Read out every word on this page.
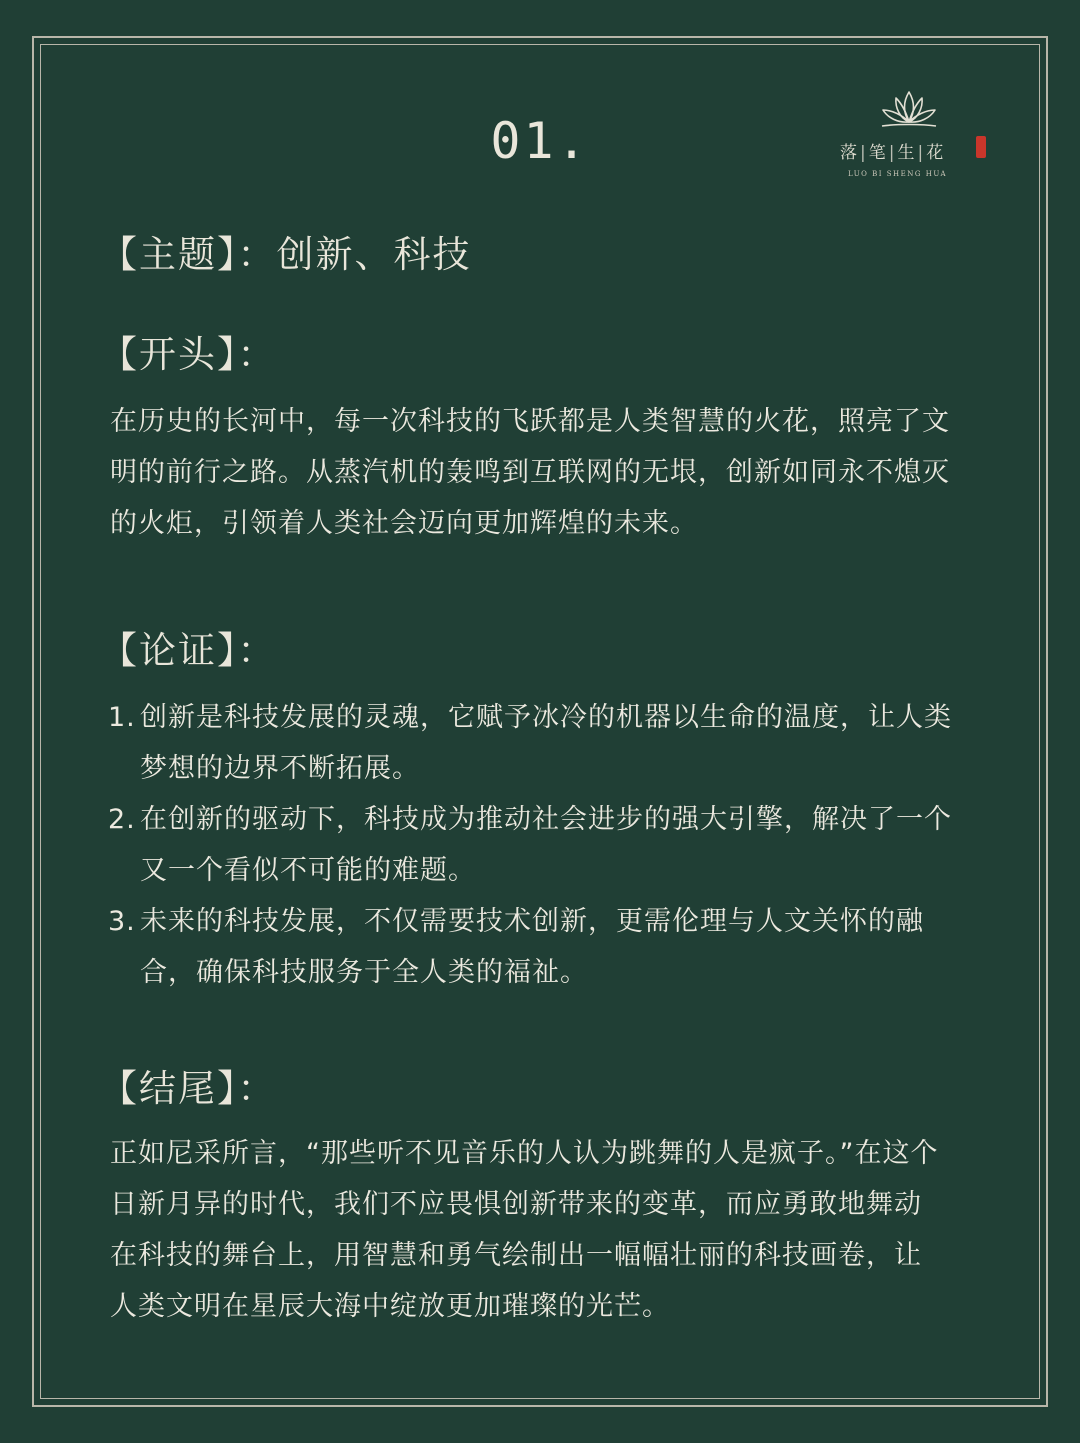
01.	落 | 笔 | 生 | 花
LUO BI SHENG HUA
【主题】：创新、科技
【开头】：

在历史的长河中，每一次科技的飞跃都是人类智慧的火花，照亮了文明的前行之路。从蒸汽机的轰鸣到互联网的无垠，创新如同永不熄灭的火炬，引领着人类社会迈向更加辉煌的未来。

【论证】：
1. 创新是科技发展的灵魂，它赋予冰冷的机器以生命的温度，让人类梦想的边界不断拓展。
2. 在创新的驱动下，科技成为推动社会进步的强大引擎，解决了一个又一个看似不可能的难题。
3. 未来的科技发展，不仅需要技术创新，更需伦理与人文关怀的融合，确保科技服务于全人类的福祉。
【结尾】：

正如尼采所言，“那些听不见音乐的人认为跳舞的人是疯子。”在这个日新月异的时代，我们不应畏惧创新带来的变革，而应勇敢地舞动在科技的舞台上，用智慧和勇气绘制出一幅幅壮丽的科技画卷，让人类文明在星辰大海中绽放更加璀璨的光芒。
